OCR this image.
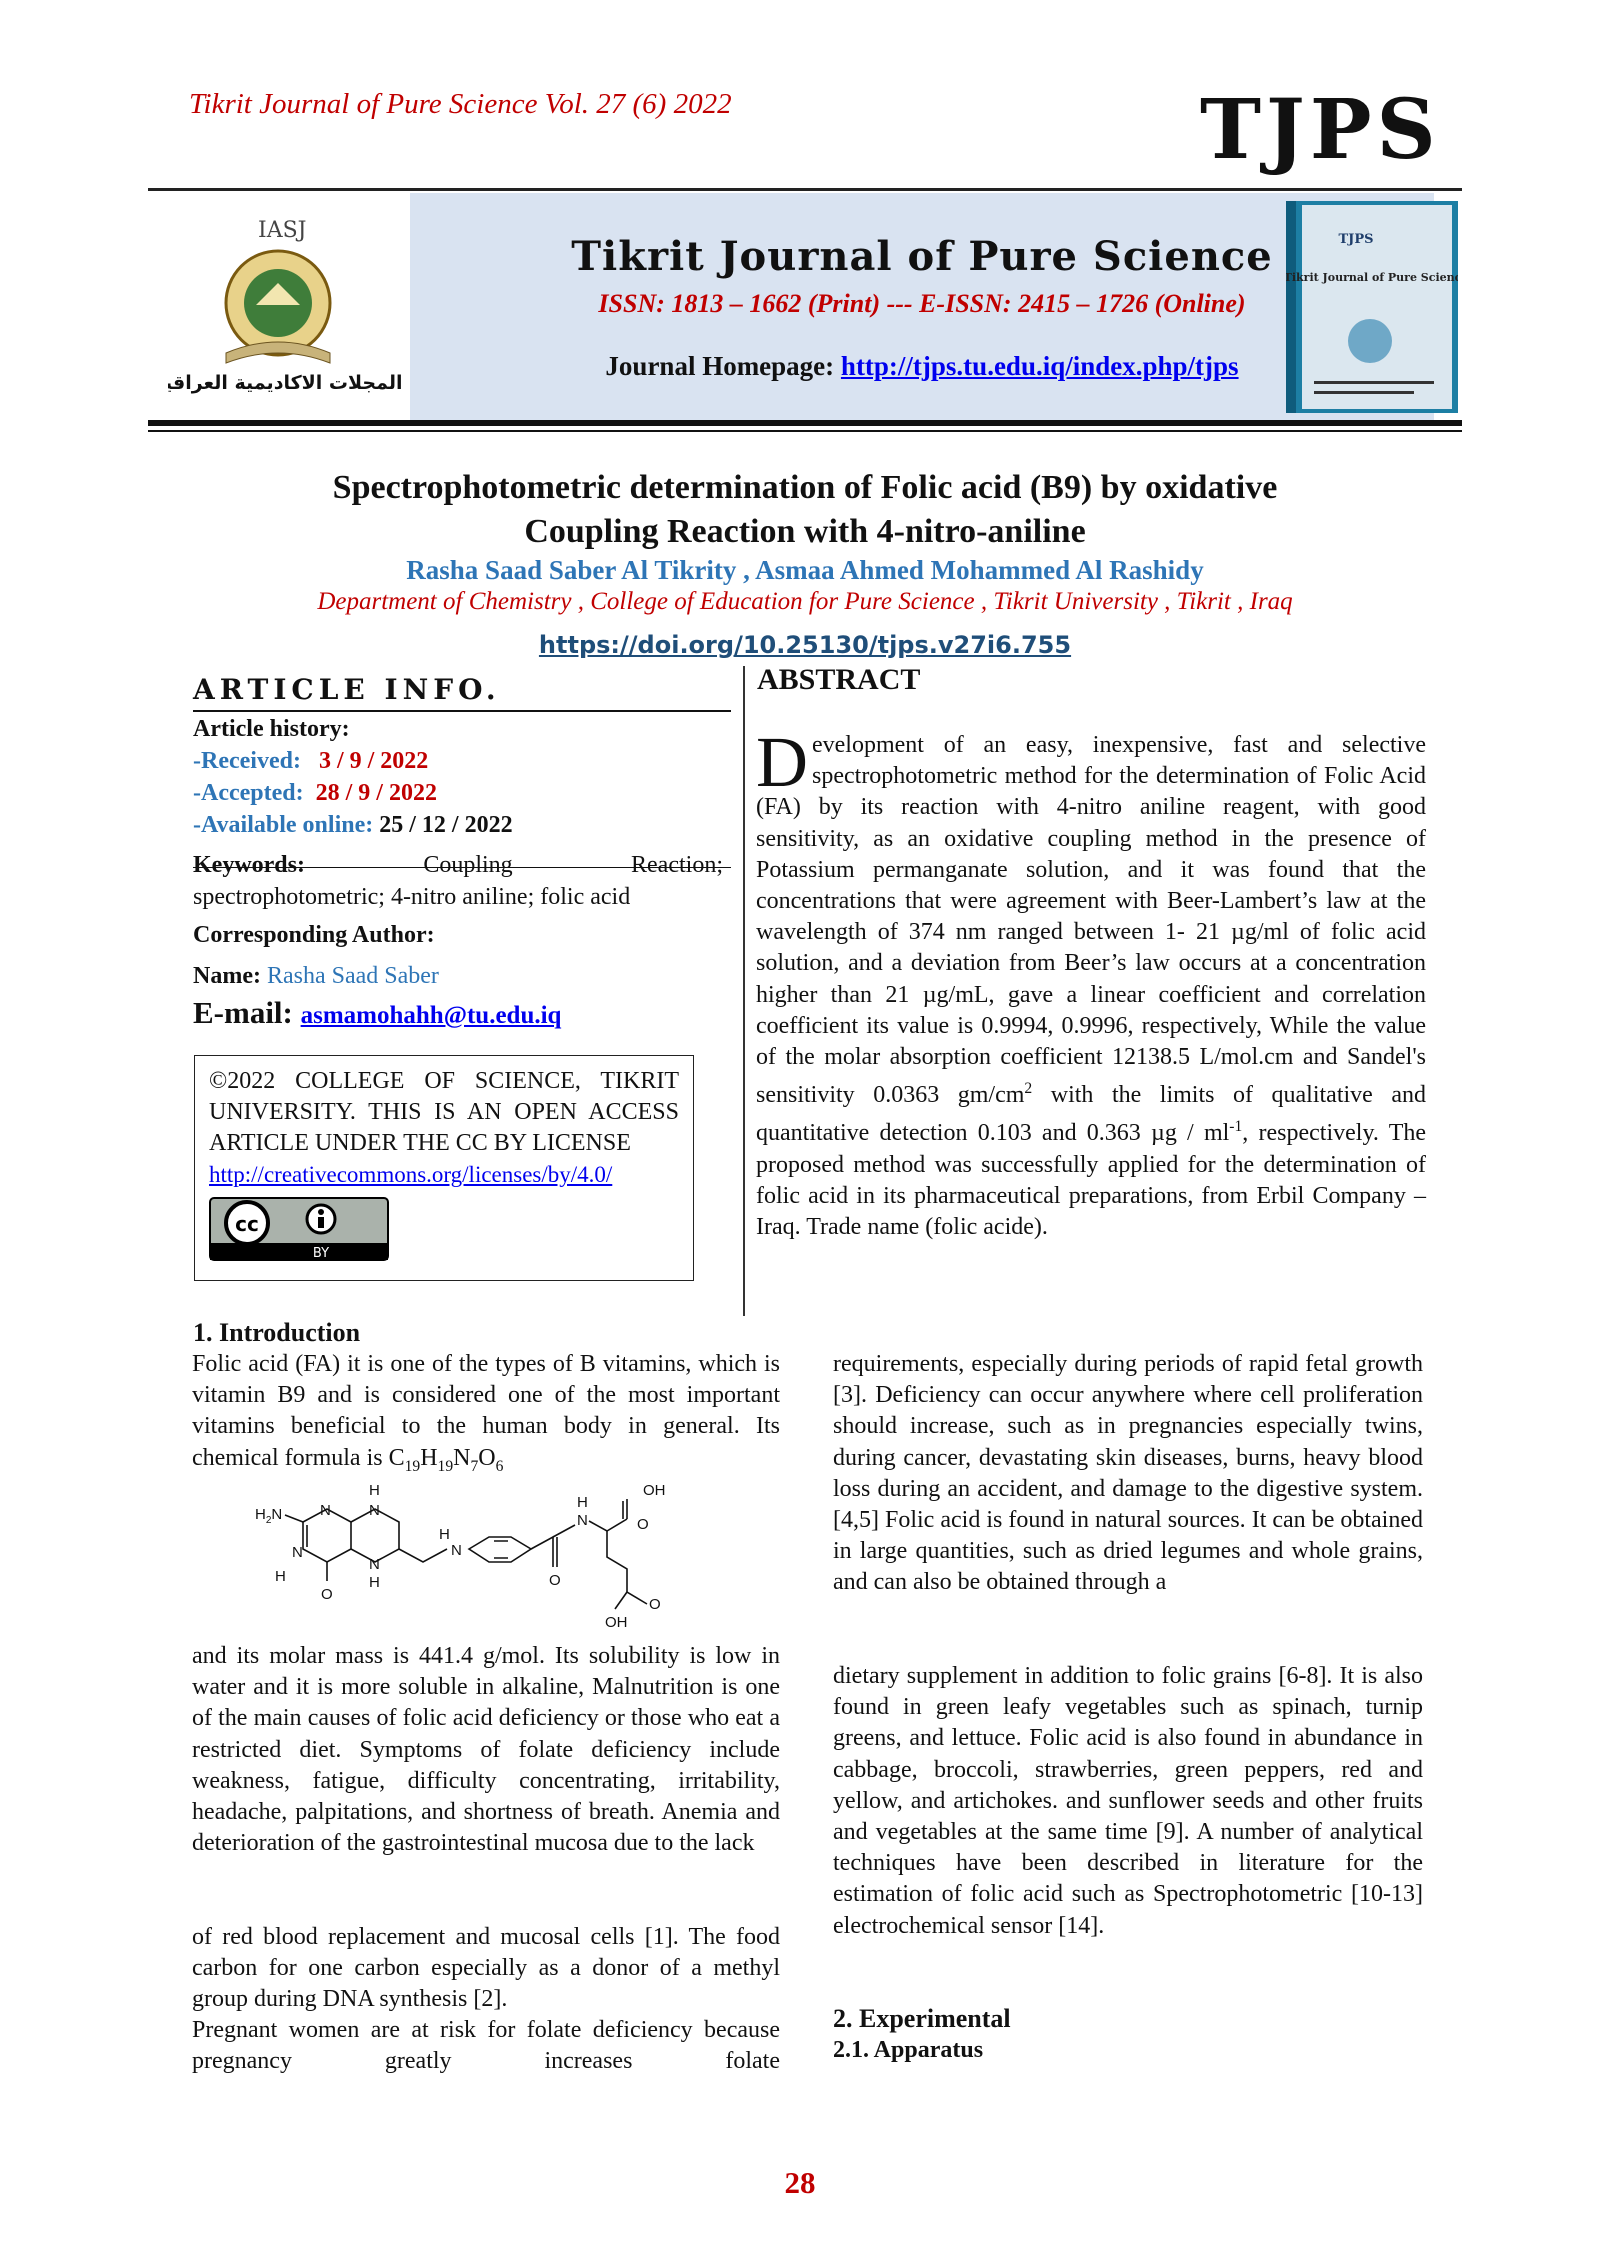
Tikrit Journal of Pure Science Vol. 27 (6) 2022	TJPS
IASJ
المجلات الاكاديمية العراقية
Tikrit Journal of Pure Science
ISSN: 1813 – 1662 (Print) --- E-ISSN: 2415 – 1726 (Online)
Journal Homepage: http://tjps.tu.edu.iq/index.php/tjps
TJPS
Tikrit Journal of Pure Science
Spectrophotometric determination of Folic acid (B9) by oxidative
Coupling Reaction with 4-nitro-aniline
Rasha Saad Saber Al Tikrity , Asmaa Ahmed Mohammed Al Rashidy
Department of Chemistry , College of Education for Pure Science , Tikrit University , Tikrit , Iraq
https://doi.org/10.25130/tjps.v27i6.755
ARTICLE INFO.
Article history:
-Received: 3 / 9 / 2022
-Accepted: 28 / 9 / 2022
-Available online: 25 / 12 / 2022
Keywords:	Coupling	Reaction;
spectrophotometric; 4-nitro aniline; folic acid
Corresponding Author:
Name: Rasha Saad Saber
E-mail: asmamohahh@tu.edu.iq
©2022 COLLEGE OF SCIENCE, TIKRIT UNIVERSITY. THIS IS AN OPEN ACCESS ARTICLE UNDER THE CC BY LICENSE
http://creativecommons.org/licenses/by/4.0/
cc
BY
ABSTRACT
Development of an easy, inexpensive, fast and selective spectrophotometric method for the determination of Folic Acid (FA) by its reaction with 4-nitro aniline reagent, with good sensitivity, as an oxidative coupling method in the presence of Potassium permanganate solution, and it was found that the concentrations that were agreement with Beer-Lambert’s law at the wavelength of 374 nm ranged between 1- 21 µg/ml of folic acid solution, and a deviation from Beer’s law occurs at a concentration higher than 21 µg/mL, gave a linear coefficient and correlation coefficient its value is 0.9994, 0.9996, respectively, While the value of the molar absorption coefficient 12138.5 L/mol.cm and Sandel's sensitivity 0.0363 $gm/cm^2$ with the limits of qualitative and quantitative detection 0.103 and 0.363 µg / $ml^{-1}$, respectively. The proposed method was successfully applied for the determination of folic acid in its pharmaceutical preparations, from Erbil Company – Iraq. Trade name (folic acide).
1. Introduction
Folic acid (FA) it is one of the types of B vitamins, which is vitamin B9 and is considered one of the most important vitamins beneficial to the human body in general. Its chemical formula is $C_{19}H_{19}N_7O_6$
OH
O
$H_2N$	N
N
H
N
H
N
H
N
H
N
H
O
O
O
OH
and its molar mass is 441.4 g/mol. Its solubility is low in water and it is more soluble in alkaline, Malnutrition is one of the main causes of folic acid deficiency or those who eat a restricted diet. Symptoms of folate deficiency include weakness, fatigue, difficulty concentrating, irritability, headache, palpitations, and shortness of breath. Anemia and deterioration of the gastrointestinal mucosa due to the lack
of red blood replacement and mucosal cells [1]. The food carbon for one carbon especially as a donor of a methyl group during DNA synthesis [2].
Pregnant women are at risk for folate deficiency because pregnancy greatly increases folate
requirements, especially during periods of rapid fetal growth [3]. Deficiency can occur anywhere where cell proliferation should increase, such as in pregnancies especially twins, during cancer, devastating skin diseases, burns, heavy blood loss during an accident, and damage to the digestive system. [4,5] Folic acid is found in natural sources. It can be obtained in large quantities, such as dried legumes and whole grains, and can also be obtained through a
dietary supplement in addition to folic grains [6-8]. It is also found in green leafy vegetables such as spinach, turnip greens, and lettuce. Folic acid is also found in abundance in cabbage, broccoli, strawberries, green peppers, red and yellow, and artichokes. and sunflower seeds and other fruits and vegetables at the same time [9]. A number of analytical techniques have been described in literature for the estimation of folic acid such as Spectrophotometric [10-13] electrochemical sensor [14].
2. Experimental
2.1. Apparatus
28
